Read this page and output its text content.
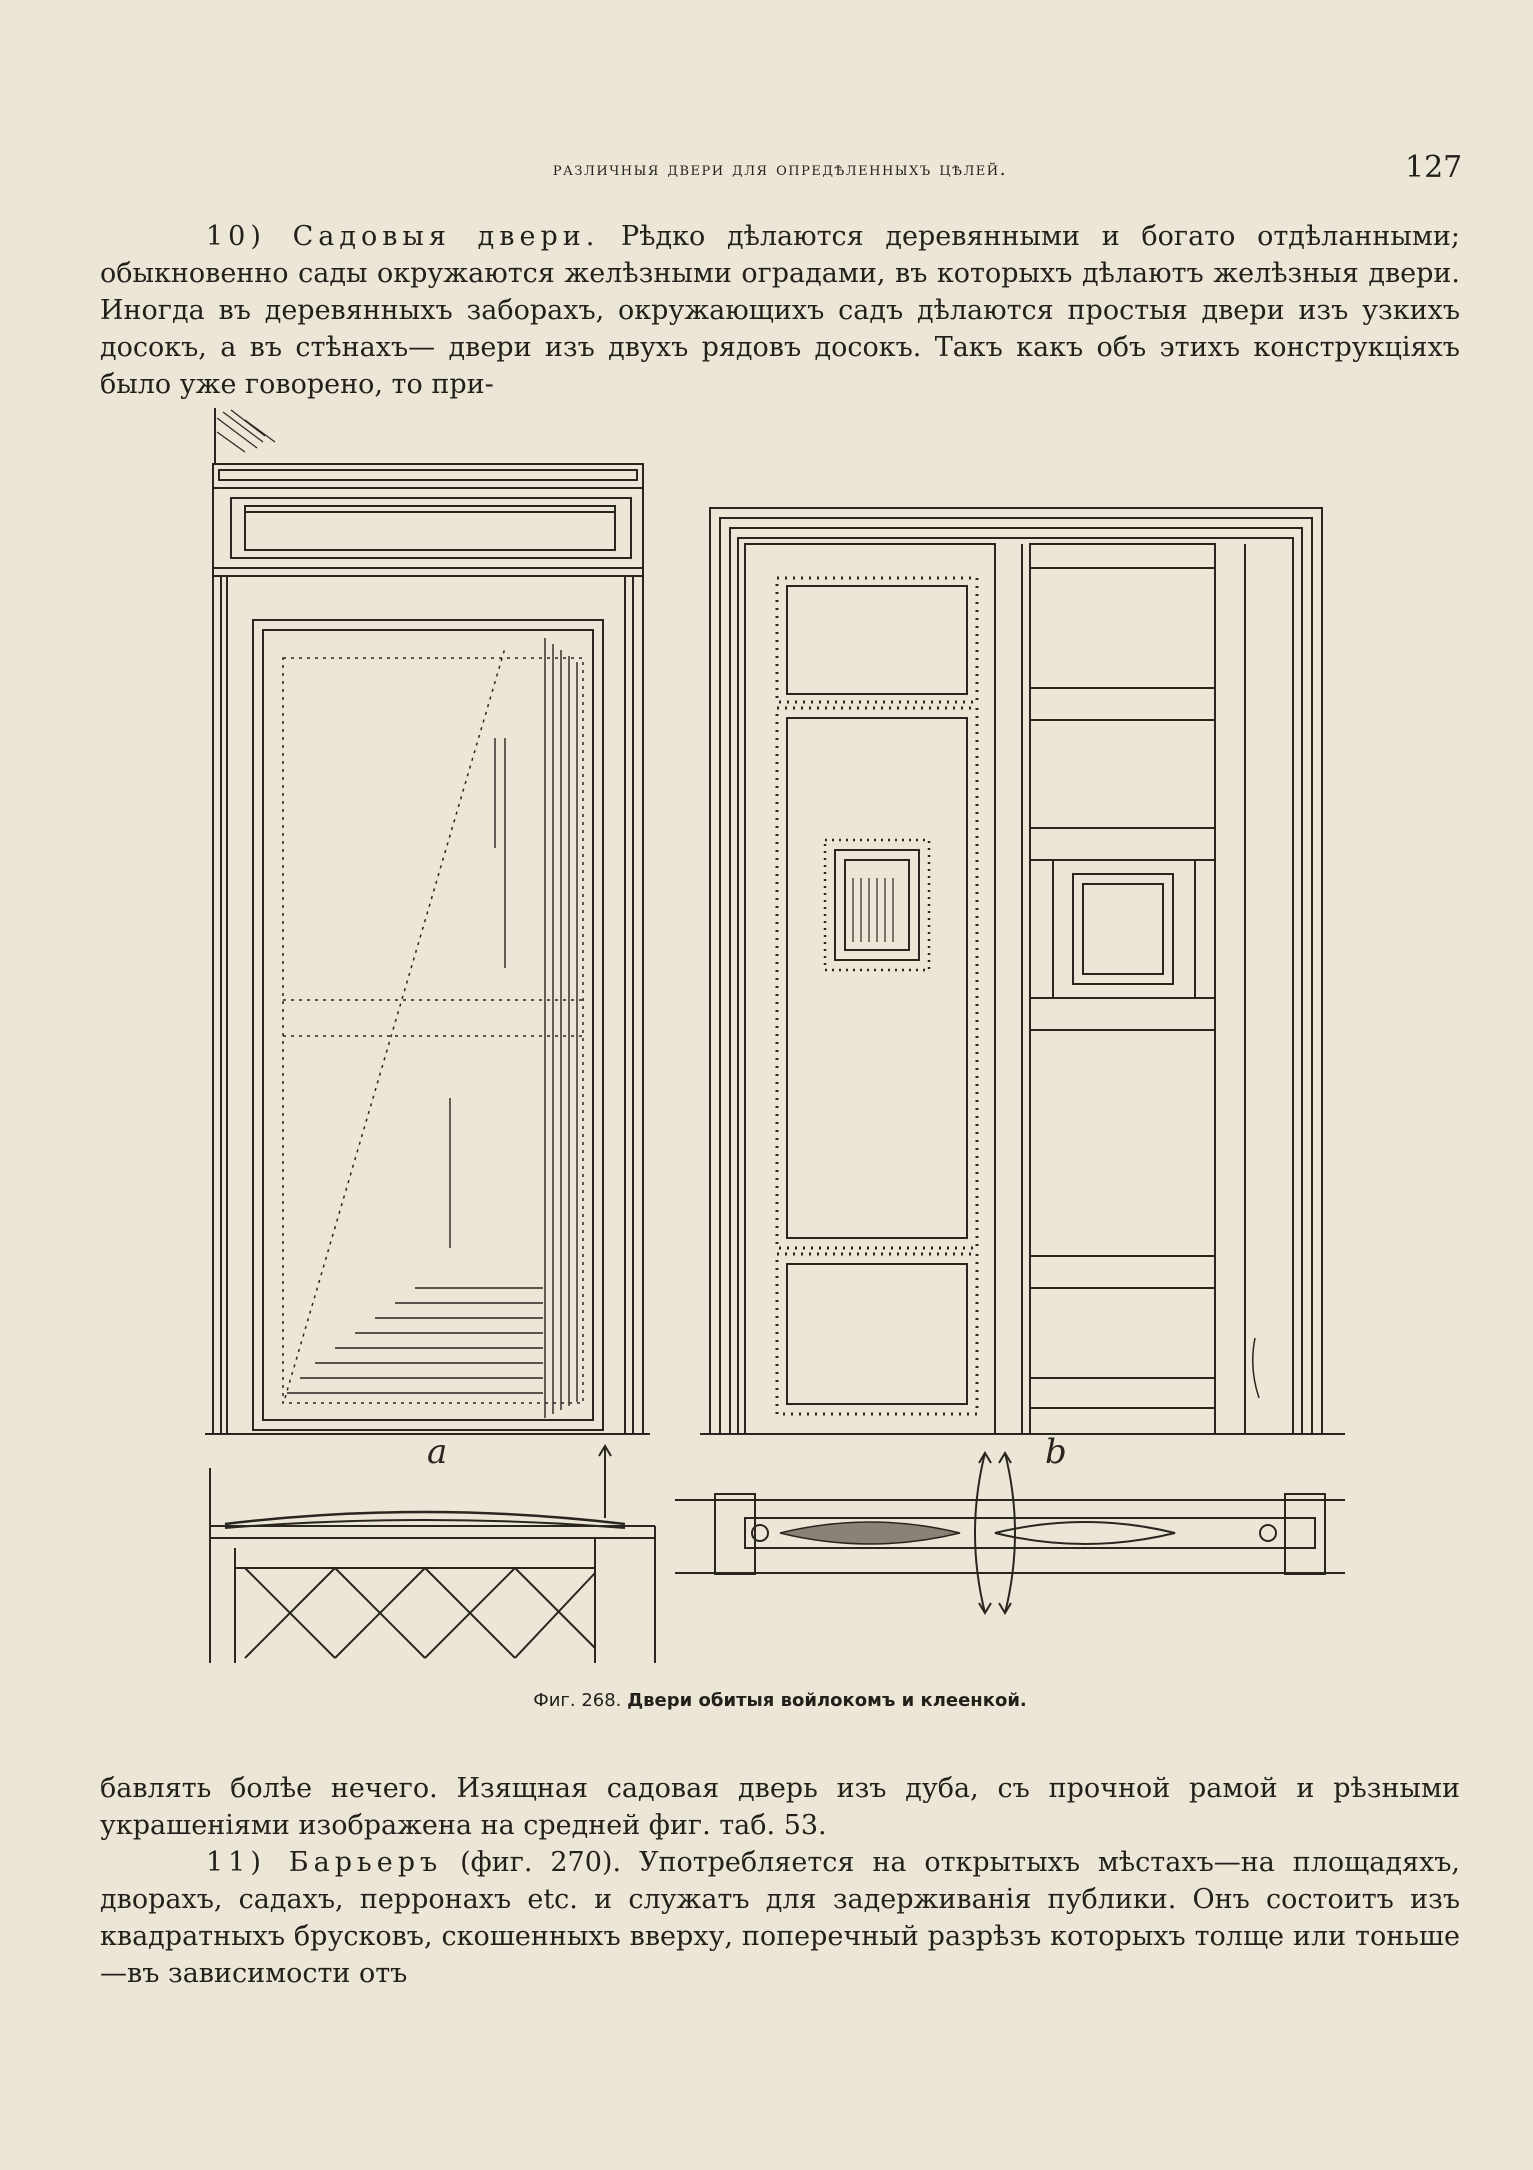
различныя двери для опредѣленныхъ цѣлей.	127

10) Садовыя двери. Рѣдко дѣлаются деревянными и богато отдѣланными; обыкновенно сады окружаются желѣзными оградами, въ которыхъ дѣлаютъ желѣзныя двери. Иногда въ деревянныхъ заборахъ, окружающихъ садъ дѣлаются простыя двери изъ узкихъ досокъ, а въ стѣнахъ— двери изъ двухъ рядовъ досокъ. Такъ какъ объ этихъ конструкціяхъ было уже говорено, то при-

a	b
Фиг. 268. Двери обитыя войлокомъ и клеенкой.

бавлять болѣе нечего. Изящная садовая дверь изъ дуба, съ прочной рамой и рѣзными украшеніями изображена на средней фиг. таб. 53.

11) Барьеръ (фиг. 270). Употребляется на открытыхъ мѣстахъ—на площадяхъ, дворахъ, садахъ, перронахъ etc. и служатъ для задерживанія публики. Онъ состоитъ изъ квадратныхъ брусковъ, скошенныхъ вверху, поперечный разрѣзъ которыхъ толще или тоньше—въ зависимости отъ
